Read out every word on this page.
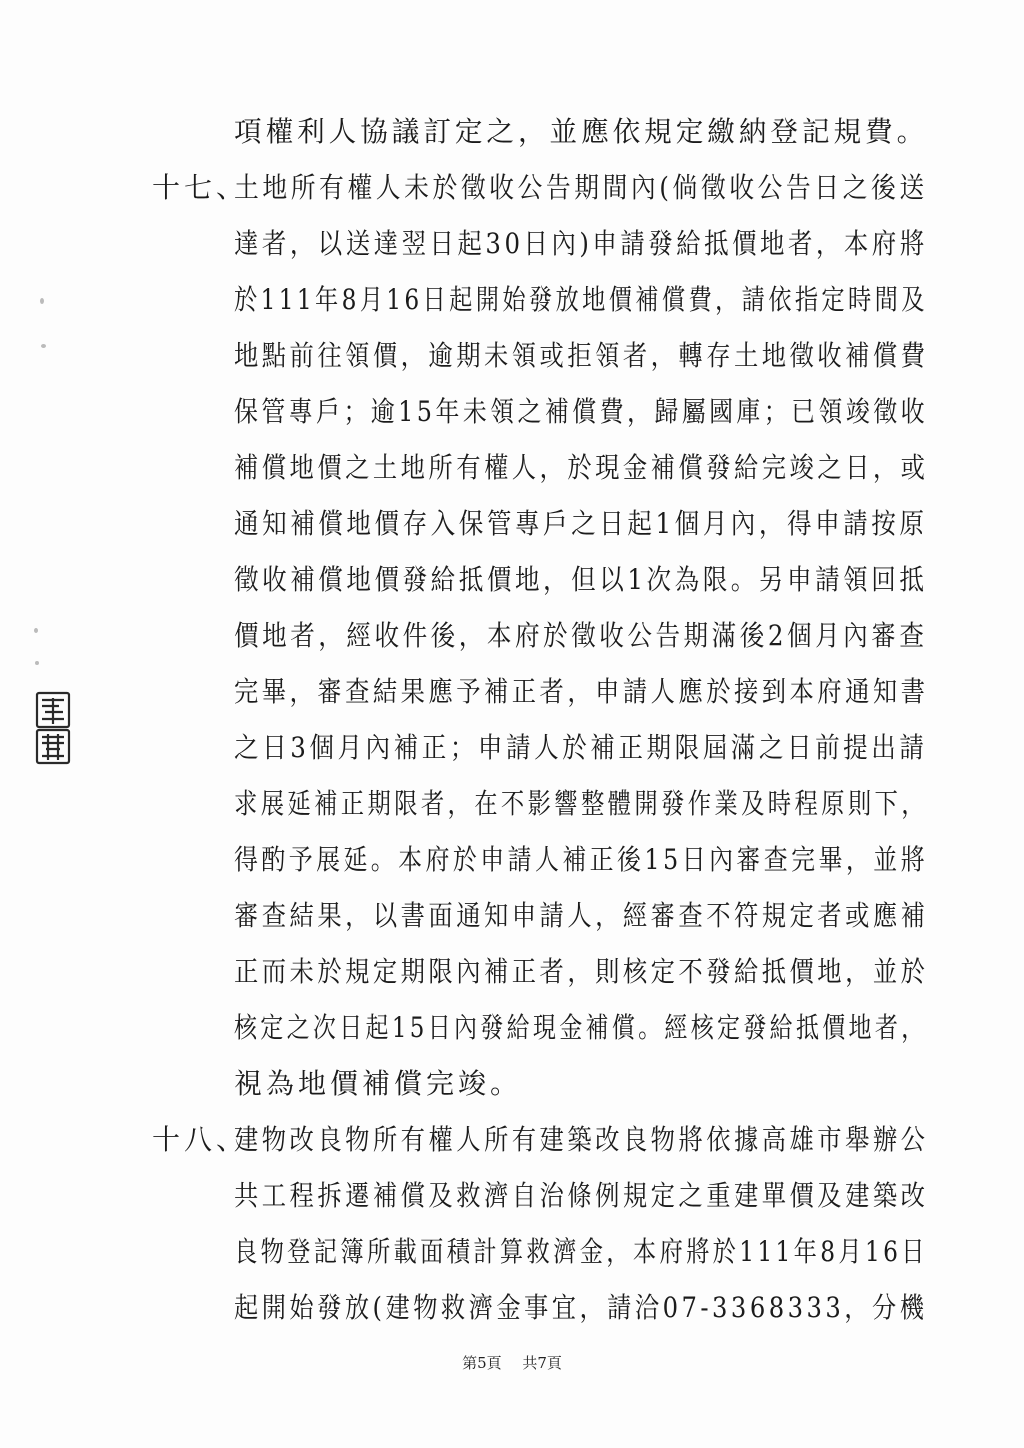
項權利人協議訂定之，並應依規定繳納登記規費。
十七、
土地所有權人未於徵收公告期間內(倘徵收公告日之後送
達者，以送達翌日起30日內)申請發給抵價地者，本府將
於111年8月16日起開始發放地價補償費，請依指定時間及
地點前往領價，逾期未領或拒領者，轉存土地徵收補償費
保管專戶；逾15年未領之補償費，歸屬國庫；已領竣徵收
補償地價之土地所有權人，於現金補償發給完竣之日，或
通知補償地價存入保管專戶之日起1個月內，得申請按原
徵收補償地價發給抵價地，但以1次為限。另申請領回抵
價地者，經收件後，本府於徵收公告期滿後2個月內審查
完畢，審查結果應予補正者，申請人應於接到本府通知書
之日3個月內補正；申請人於補正期限屆滿之日前提出請
求展延補正期限者，在不影響整體開發作業及時程原則下，
得酌予展延。本府於申請人補正後15日內審查完畢，並將
審查結果，以書面通知申請人，經審查不符規定者或應補
正而未於規定期限內補正者，則核定不發給抵價地，並於
核定之次日起15日內發給現金補償。經核定發給抵價地者，
視為地價補償完竣。
十八、
建物改良物所有權人所有建築改良物將依據高雄市舉辦公
共工程拆遷補償及救濟自治條例規定之重建單價及建築改
良物登記簿所載面積計算救濟金，本府將於111年8月16日
起開始發放(建物救濟金事宜，請洽07-3368333，分機
第5頁 共7頁
